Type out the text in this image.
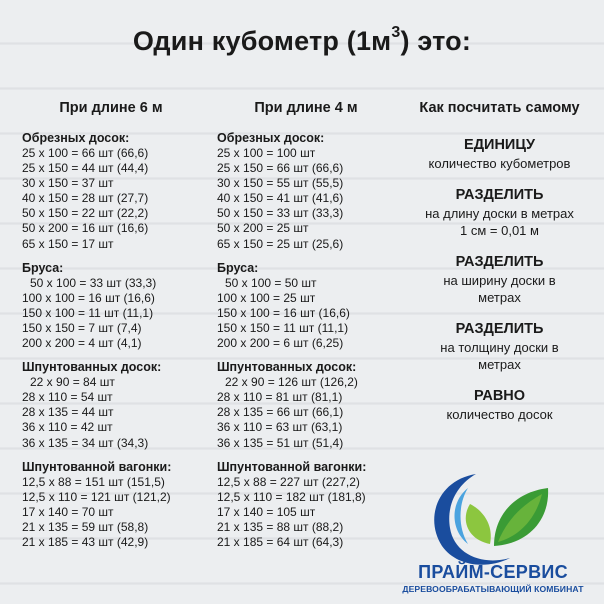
Один кубометр $(1м^3)$ это:
При длине 6 м
Обрезных досок:
25 x 100 = 66 шт (66,6)
25 x 150 = 44 шт (44,4)
30 x 150 = 37 шт
40 x 150 = 28 шт (27,7)
50 x 150 = 22 шт (22,2)
50 x 200 = 16 шт (16,6)
65 x 150 = 17 шт
Бруса:
50 x 100 = 33 шт (33,3)
100 x 100 = 16 шт (16,6)
150 x 100 = 11 шт (11,1)
150 x 150 = 7 шт (7,4)
200 x 200 = 4 шт (4,1)
Шпунтованных досок:
22 x 90 = 84 шт
28 x 110 = 54 шт
28 x 135 = 44 шт
36 x 110 = 42 шт
36 x 135 = 34 шт (34,3)
Шпунтованной вагонки:
12,5 x 88 = 151 шт (151,5)
12,5 x 110 = 121 шт (121,2)
17 x 140 = 70 шт
21 x 135 = 59 шт (58,8)
21 x 185 = 43 шт (42,9)
При длине 4 м
Обрезных досок:
25 x 100 = 100 шт
25 x 150 = 66 шт (66,6)
30 x 150 = 55 шт (55,5)
40 x 150 = 41 шт (41,6)
50 x 150 = 33 шт (33,3)
50 x 200 = 25 шт
65 x 150 = 25 шт (25,6)
Бруса:
50 x 100 = 50 шт
100 x 100 = 25 шт
150 x 100 = 16 шт (16,6)
150 x 150 = 11 шт (11,1)
200 x 200 = 6 шт (6,25)
Шпунтованных досок:
22 x 90 = 126 шт (126,2)
28 x 110 = 81 шт (81,1)
28 x 135 = 66 шт (66,1)
36 x 110 = 63 шт (63,1)
36 x 135 = 51 шт (51,4)
Шпунтованной вагонки:
12,5 x 88 = 227 шт (227,2)
12,5 x 110 = 182 шт (181,8)
17 x 140 = 105 шт
21 x 135 = 88 шт (88,2)
21 x 185 = 64 шт (64,3)
Как посчитать самому
ЕДИНИЦУ
количество кубометров
РАЗДЕЛИТЬ
на длину доски в метрах
1 см = 0,01 м
РАЗДЕЛИТЬ
на ширину доски в
метрах
РАЗДЕЛИТЬ
на толщину доски в
метрах
РАВНО
количество досок
ПРАЙМ-СЕРВИС
ДЕРЕВООБРАБАТЫВАЮЩИЙ КОМБИНАТ
